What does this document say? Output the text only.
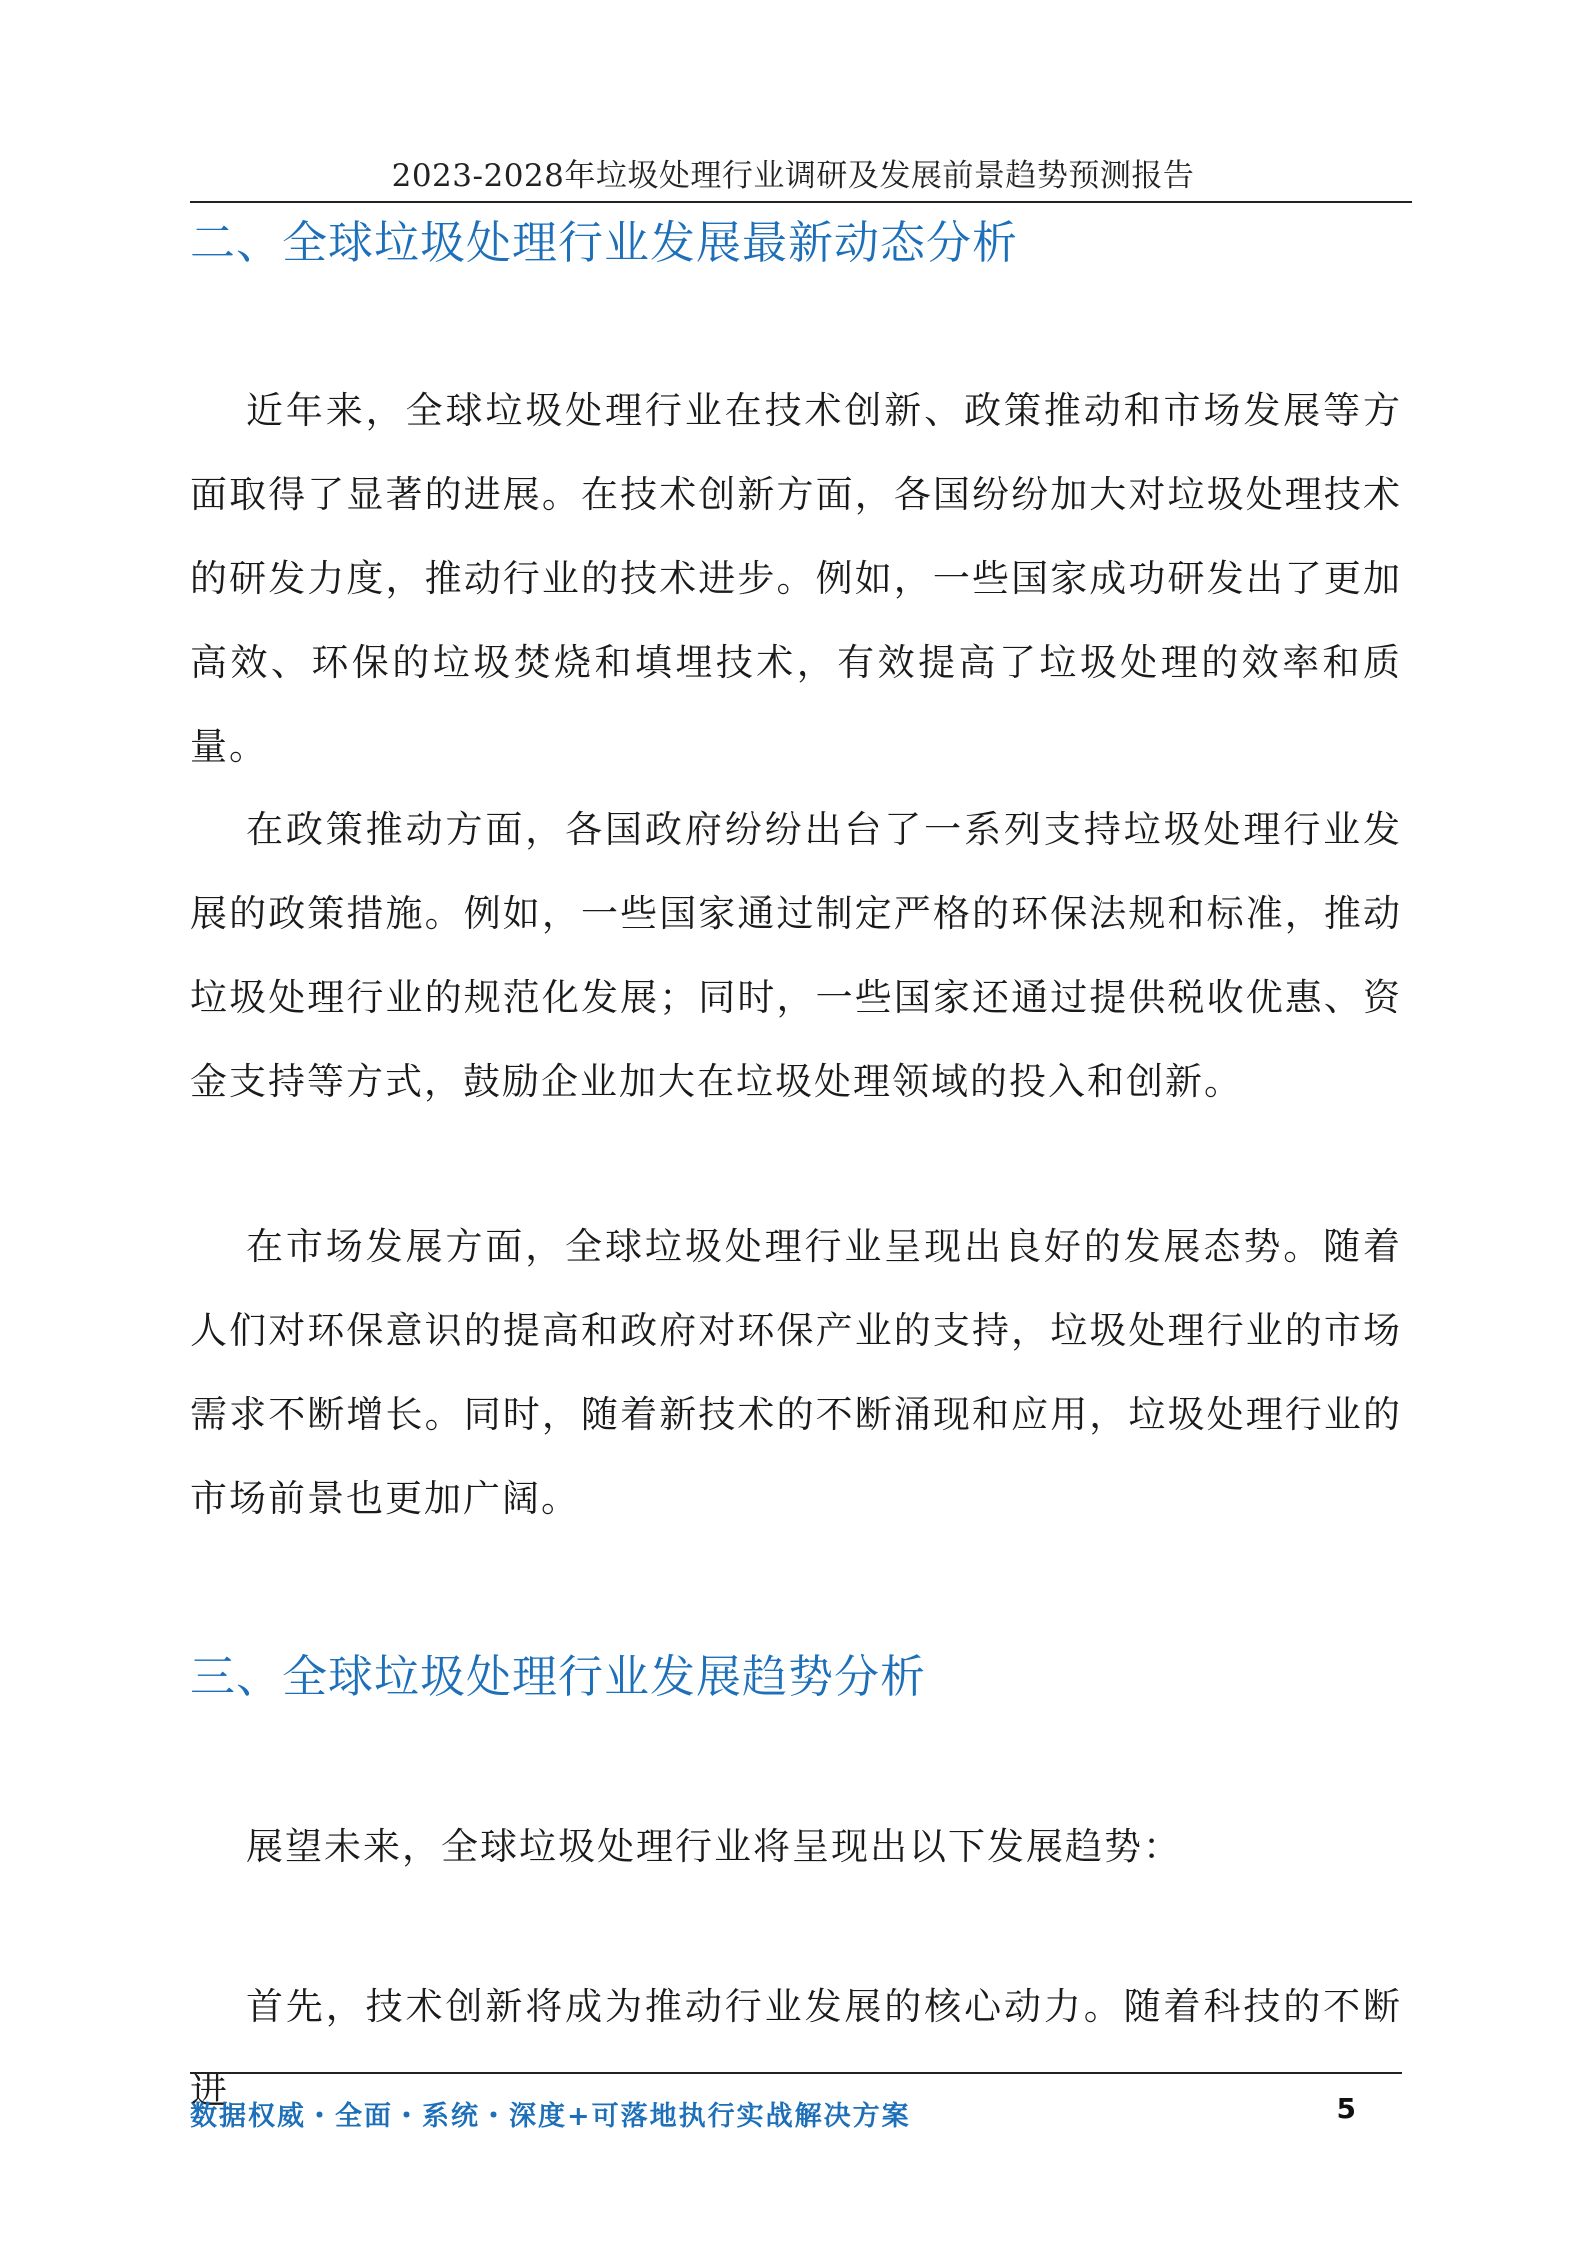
2023-2028年垃圾处理行业调研及发展前景趋势预测报告
二、全球垃圾处理行业发展最新动态分析

近年来，全球垃圾处理行业在技术创新、政策推动和市场发展等方面取得了显著的进展。在技术创新方面，各国纷纷加大对垃圾处理技术的研发力度，推动行业的技术进步。例如，一些国家成功研发出了更加高效、环保的垃圾焚烧和填埋技术，有效提高了垃圾处理的效率和质量。

在政策推动方面，各国政府纷纷出台了一系列支持垃圾处理行业发展的政策措施。例如，一些国家通过制定严格的环保法规和标准，推动垃圾处理行业的规范化发展；同时，一些国家还通过提供税收优惠、资金支持等方式，鼓励企业加大在垃圾处理领域的投入和创新。

在市场发展方面，全球垃圾处理行业呈现出良好的发展态势。随着人们对环保意识的提高和政府对环保产业的支持，垃圾处理行业的市场需求不断增长。同时，随着新技术的不断涌现和应用，垃圾处理行业的市场前景也更加广阔。

三、全球垃圾处理行业发展趋势分析

展望未来，全球垃圾处理行业将呈现出以下发展趋势：

首先，技术创新将成为推动行业发展的核心动力。随着科技的不断进

数据权威・全面・系统・深度+可落地执行实战解决方案	5
